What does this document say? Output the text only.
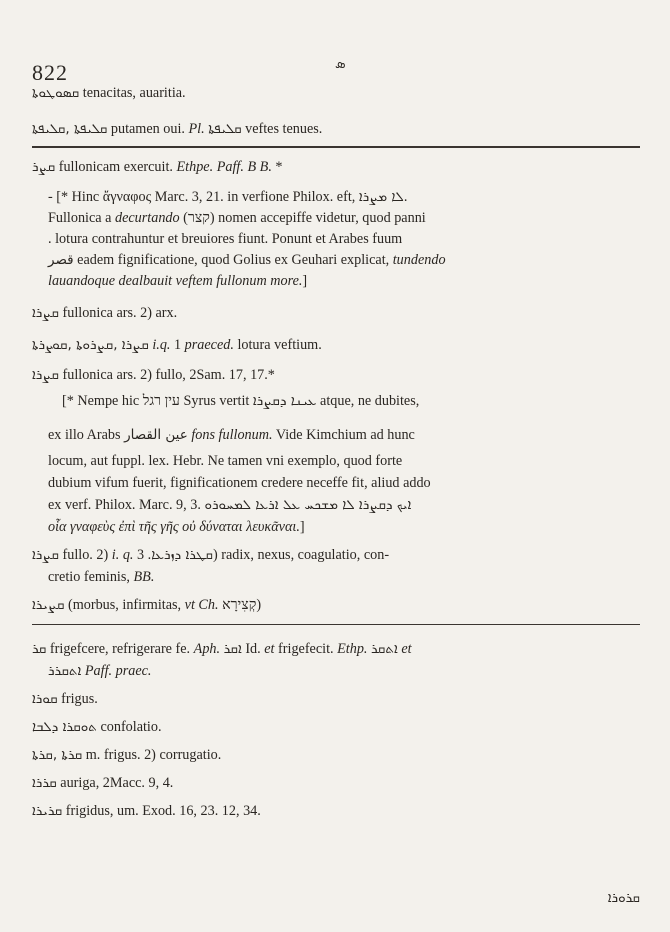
822	ܣ
ܩܣܘܛܘܬܐ tenacitas, auaritia.
ܩܠܝܦܬܐ ,ܩܠܝܦܬܐ putamen oui. Pl. ܩܠܝܦܬܐ veftes tenues.
ܩܨܪ fullonicam exercuit. Ethpe. Paff. B B. *
- [* Hinc ἄγναφος Marc. 3, 21. in verfione Philox. eft, ܠܐ ܡܨܪܐ.
Fullonica a decurtando (קצר) nomen accepiffe videtur, quod panni
. lotura contrahuntur et breuiores fiunt. Ponunt et Arabes fuum
قصر eadem fignificatione, quod Golius ex Geuhari explicat, tundendo
lauandoque dealbauit veftem fullonum more.]
ܩܨܪܐ fullonica ars. 2) arx.
ܩܨܪܐ ,ܩܨܪܘܬܐ ,ܩܘܨܪܬܐ i.q. 1 praeced. lotura veftium.
ܩܨܪܐ fullonica ars. 2) fullo, 2Sam. 17, 17.*
[* Nempe hic עין רגל Syrus vertit ܥܝܢܐ ܕܩܨܪܐ atque, ne dubites,
ex illo Arabs عين القصار fons fullonum. Vide Kimchium ad hunc
locum, aut fuppl. lex. Hebr. Ne tamen vni exemplo, quod forte
dubium vifum fuerit, fignificationem credere neceffe fit, aliud addo
ex verf. Philox. Marc. 9, 3. ܐܝܟ ܕܩܨܪܐ ܠܐ ܡܫܟܚ ܥܠ ܐܪܥܐ ܠܡܚܘܪܘ
οἷα γναφεὺς ἐπὶ τῆς γῆς οὐ δύναται λευκᾶναι.]
ܩܨܪܐ fullo. 2) i. q. ܩܛܪܐ ܕܙܪܥܐ. 3) radix, nexus, coagulatio, con-
cretio feminis, BB.
ܩܨܝܪܐ (morbus, infirmitas, vt Ch. קְצִירָא)
ܩܪ frigefcere, refrigerare fe. Aph. ܐܩܪ Id. et frigefecit. Ethp. ܐܬܩܪ et
ܐܬܩܪܪ Paff. praec.
ܩܘܪܐ frigus.
ܬܘܩܪܐ ܕܠܒܐ confolatio.
ܩܪܬܐ ,ܩܪܬܐ m. frigus. 2) corrugatio.
ܩܪܪܐ auriga, 2Macc. 9, 4.
ܩܪܝܪܐ frigidus, um. Exod. 16, 23. 12, 34.
ܩܪܘܪܐ
